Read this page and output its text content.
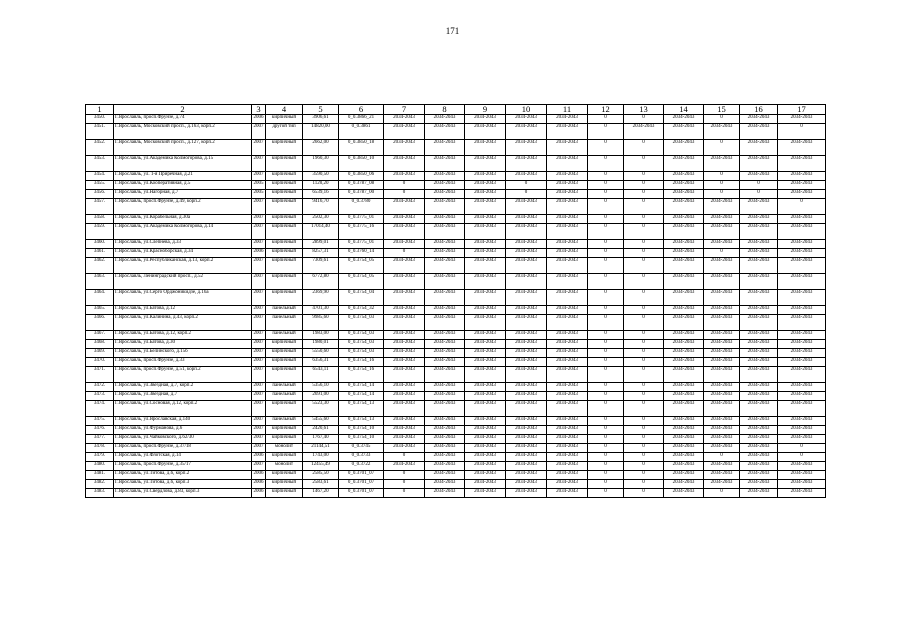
171
1	2	3	4	5	6	7	8	9	10	11	12	13	14	15	16	17
3450.	Г.Ярославль, просп.Фрунзе, д.74	2006	кирпичный	3906,61	0_0.3866_21	2034-2043	2034-2043	2034-2043	2034-2043	2034-2043	0	0	2034-2043	0	2034-2043	2034-2043
3451.	Г.Ярославль, Московский просп., д.163, корп.2	2007	другой тип	14820,00	0_0.3861	2034-2043	2034-2043	2034-2043	2034-2043	2034-2043	0	2034-2043	2034-2043	2034-2043	2034-2043	0
3452.	Г.Ярославль, Московский просп., д.127, корп.2	2007	кирпичный	2662,00	0_0.3850_18	2034-2043	2034-2043	2034-2043	2034-2043	2034-2043	0	0	2034-2043	0	2034-2043	2034-2043
3453.	Г.Ярославль, ул.Академика Колмогорова, д.15	2007	кирпичный	1960,30	0_0.3850_10	2034-2043	2034-2043	2034-2043	2034-2043	2034-2043	0	0	2034-2043	2034-2043	2034-2043	2034-2043
3454.	Г.Ярославль, ул. 1-я Приречная, д.21	2007	кирпичный	3590,50	0_0.3850_06	2034-2043	2034-2043	2034-2043	2034-2043	2034-2043	0	0	2034-2043	0	2034-2043	2034-2043
3455.	Г.Ярославль, ул.Кооперативная, д.5	2005	кирпичный	1120,20	0_0.3787_08	0	2034-2043	2034-2043	0	2034-2043	0	0	2034-2043	0	0	2034-2043
3456.	Г.Ярославль, ул.Нагорная, д.7	2005	кирпичный	6539,16	0_0.3787_00	0	2034-2043	2034-2043	0	2034-2043	0	0	2034-2043	0	0	2034-2043
3457.	Г.Ярославль, просп.Фрунзе, д.49, корп.2	2007	кирпичный	9416,70	0_0.3780	2034-2043	2034-2043	2034-2043	2034-2043	2034-2043	0	0	2034-2043	2034-2043	2034-2043	0
3458.	Г.Ярославль, ул.Корабельная, д.30а	2007	кирпичный	2502,30	0_0.3775_01	2034-2043	2034-2043	2034-2043	2034-2043	2034-2043	0	0	2034-2043	2034-2043	2034-2043	2034-2043
3459.	Г.Ярославль, ул.Академика Колмогорова, д.14	2007	кирпичный	17014,40	0_0.3775_16	2034-2043	2034-2043	2034-2043	2034-2043	2034-2043	0	0	2034-2043	2034-2043	2034-2043	2034-2043
3460.	Г.Ярославль, ул.Слепнева, д.33	2007	кирпичный	2899,01	0_0.3775_01	2034-2043	2034-2043	2034-2043	2034-2043	2034-2043	0	0	2034-2043	2034-2043	2034-2043	2034-2043
3461.	Г.Ярославль, ул.Красноборская, д.34	2006	кирпичный	8257,31	0_0.3760_14	0	2034-2043	2034-2043	2034-2043	2034-2043	0	0	2034-2043	0	2034-2043	2034-2043
3462.	Г.Ярославль, ул.Республиканская, д.13, корп.2	2007	кирпичный	7309,61	0_0.3754_05	2034-2043	2034-2043	2034-2043	2034-2043	2034-2043	0	0	2034-2043	2034-2043	2034-2043	2034-2043
3463.	Г.Ярославль, Ленинградский просп., д.52	2007	кирпичный	6772,80	0_0.3754_05	2034-2043	2034-2043	2034-2043	2034-2043	2034-2043	0	0	2034-2043	2034-2043	2034-2043	2034-2043
3464.	Г.Ярославль, ул.Серго Орджоникидзе, д.16а	2007	кирпичный	2369,90	0_0.3754_04	2034-2043	2034-2043	2034-2043	2034-2043	2034-2043	0	0	2034-2043	2034-2043	2034-2043	2034-2043
3465.	Г.Ярославль, ул.Батова, д.12	2007	панельный	4701,30	0_0.3754_32	2034-2043	2034-2043	2034-2043	2034-2043	2034-2043	0	0	2034-2043	2034-2043	2034-2043	2034-2043
3466.	Г.Ярославль, ул.Калинина, д.43, корп.2	2007	панельный	9985,60	0_0.3754_03	2034-2043	2034-2043	2034-2043	2034-2043	2034-2043	0	0	2034-2043	2034-2043	2034-2043	2034-2043
3467.	Г.Ярославль, ул.Батова, д.12, корп.2	2007	панельный	1983,00	0_0.3754_03	2034-2043	2034-2043	2034-2043	2034-2043	2034-2043	0	0	2034-2043	2034-2043	2034-2043	2034-2043
3468.	Г.Ярославль, ул.Батова, д.30	2007	кирпичный	1980,01	0_0.3754_03	2034-2043	2034-2043	2034-2043	2034-2043	2034-2043	0	0	2034-2043	2034-2043	2034-2043	2034-2043
3469.	Г.Ярославль, ул.Белинского, д.15б	2007	кирпичный	5550,60	0_0.3754_03	2034-2043	2034-2043	2034-2043	2034-2043	2034-2043	0	0	2034-2043	2034-2043	2034-2043	2034-2043
3470.	Г.Ярославль, просп.Фрунзе, д.33	2007	кирпичный	6356,31	0_0.3754_16	2034-2043	2034-2043	2034-2043	2034-2043	2034-2043	0	0	2034-2043	2034-2043	2034-2043	2034-2043
3471.	Г.Ярославль, просп.Фрунзе, д.51, корп.2	2007	кирпичный	6543,11	0_0.3754_16	2034-2043	2034-2043	2034-2043	2034-2043	2034-2043	0	0	2034-2043	2034-2043	2034-2043	2034-2043
3472.	Г.Ярославль, ул.Звездная, д.7, корп.2	2007	панельный	5356,10	0_0.3754_14	2034-2043	2034-2043	2034-2043	2034-2043	2034-2043	0	0	2034-2043	2034-2043	2034-2043	2034-2043
3473.	Г.Ярославль, ул.Звездная, д.7	2007	панельный	2691,00	0_0.3754_14	2034-2043	2034-2043	2034-2043	2034-2043	2034-2043	0	0	2034-2043	2034-2043	2034-2043	2034-2043
3474.	Г.Ярославль, ул.Сосновая, д.12, корп.2	2007	кирпичный	5523,30	0_0.3754_13	2034-2043	2034-2043	2034-2043	2034-2043	2034-2043	0	0	2034-2043	2034-2043	2034-2043	2034-2043
3475.	Г.Ярославль, ул.Ярославская, д.140	2007	панельный	5455,60	0_0.3754_13	2034-2043	2034-2043	2034-2043	2034-2043	2034-2043	0	0	2034-2043	2034-2043	2034-2043	2034-2043
3476.	Г.Ярославль, ул.Фурманова, д.6	2007	кирпичный	2420,61	0_0.3754_10	2034-2043	2034-2043	2034-2043	2034-2043	2034-2043	0	0	2034-2043	2034-2043	2034-2043	2034-2043
3477.	Г.Ярославль, ул.Чайковского, д.62/30	2007	кирпичный	1767,40	0_0.3754_10	2034-2043	2034-2043	2034-2043	2034-2043	2034-2043	0	0	2034-2043	2034-2043	2034-2043	2034-2043
3478.	Г.Ярославль, просп.Фрунзе, д.37/18	2007	монолит	21144,51	0_0.3745	2034-2043	2034-2043	2034-2043	2034-2043	2034-2043	0	0	2034-2043	2034-2043	2034-2043	0
3479.	Г.Ярославль, ул.Флотская, д.14	2006	кирпичный	1743,00	0_0.3733	0	2034-2043	2034-2043	2034-2043	2034-2043	0	0	2034-2043	0	2034-2043	0
3480.	Г.Ярославль, просп.Фрунзе, д.35/17	2007	монолит	12455,49	0_0.3722	2034-2043	2034-2043	2034-2043	2034-2043	2034-2043	0	0	2034-2043	2034-2043	2034-2043	2034-2043
3481.	Г.Ярославль, ул.Титова, д.6, корп.2	2006	кирпичный	2585,50	0_0.3701_07	0	2034-2043	2034-2043	2034-2043	2034-2043	0	0	2034-2043	2034-2043	2034-2043	2034-2043
3482.	Г.Ярославль, ул.Титова, д.6, корп.3	2006	кирпичный	2583,61	0_0.3701_07	0	2034-2043	2034-2043	2034-2043	2034-2043	0	0	2034-2043	2034-2043	2034-2043	2034-2043
3483.	Г.Ярославль, ул.Свердлова, д.83, корп.3	2006	кирпичный	1467,20	0_0.3701_07	0	2034-2043	2034-2043	2034-2043	2034-2043	0	0	2034-2043	0	2034-2043	2034-2043
